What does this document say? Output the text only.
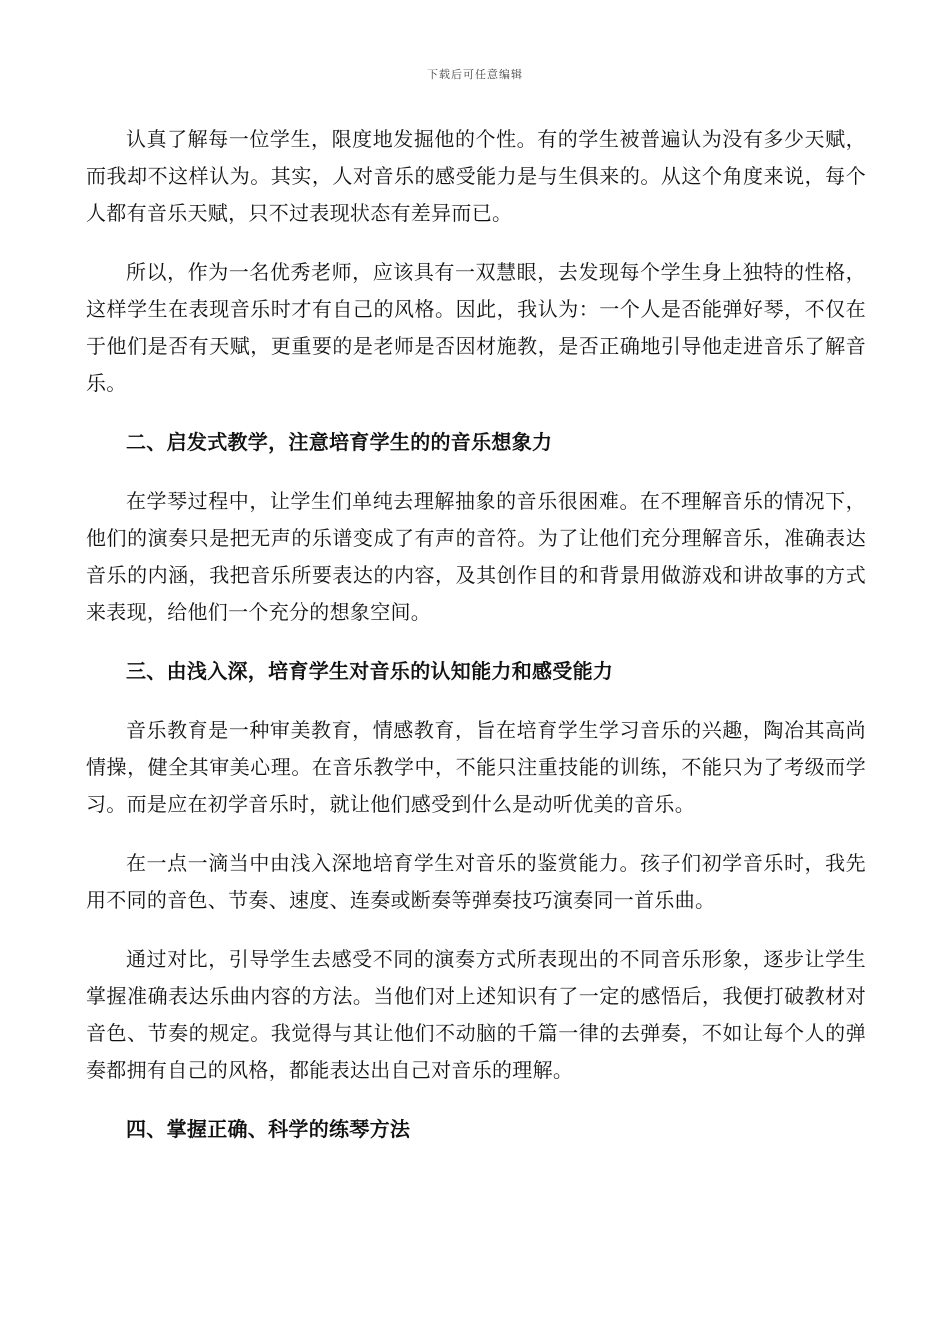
下载后可任意编辑

认真了解每一位学生，限度地发掘他的个性。有的学生被普遍认为没有多少天赋，而我却不这样认为。其实，人对音乐的感受能力是与生俱来的。从这个角度来说，每个人都有音乐天赋，只不过表现状态有差异而已。

所以，作为一名优秀老师，应该具有一双慧眼，去发现每个学生身上独特的性格，这样学生在表现音乐时才有自己的风格。因此，我认为：一个人是否能弹好琴，不仅在于他们是否有天赋，更重要的是老师是否因材施教，是否正确地引导他走进音乐了解音乐。

二、启发式教学，注意培育学生的的音乐想象力

在学琴过程中，让学生们单纯去理解抽象的音乐很困难。在不理解音乐的情况下，他们的演奏只是把无声的乐谱变成了有声的音符。为了让他们充分理解音乐，准确表达音乐的内涵，我把音乐所要表达的内容，及其创作目的和背景用做游戏和讲故事的方式来表现，给他们一个充分的想象空间。

三、由浅入深，培育学生对音乐的认知能力和感受能力

音乐教育是一种审美教育，情感教育，旨在培育学生学习音乐的兴趣，陶冶其高尚情操，健全其审美心理。在音乐教学中，不能只注重技能的训练，不能只为了考级而学习。而是应在初学音乐时，就让他们感受到什么是动听优美的音乐。

在一点一滴当中由浅入深地培育学生对音乐的鉴赏能力。孩子们初学音乐时，我先用不同的音色、节奏、速度、连奏或断奏等弹奏技巧演奏同一首乐曲。

通过对比，引导学生去感受不同的演奏方式所表现出的不同音乐形象，逐步让学生掌握准确表达乐曲内容的方法。当他们对上述知识有了一定的感悟后，我便打破教材对音色、节奏的规定。我觉得与其让他们不动脑的千篇一律的去弹奏，不如让每个人的弹奏都拥有自己的风格，都能表达出自己对音乐的理解。

四、掌握正确、科学的练琴方法
